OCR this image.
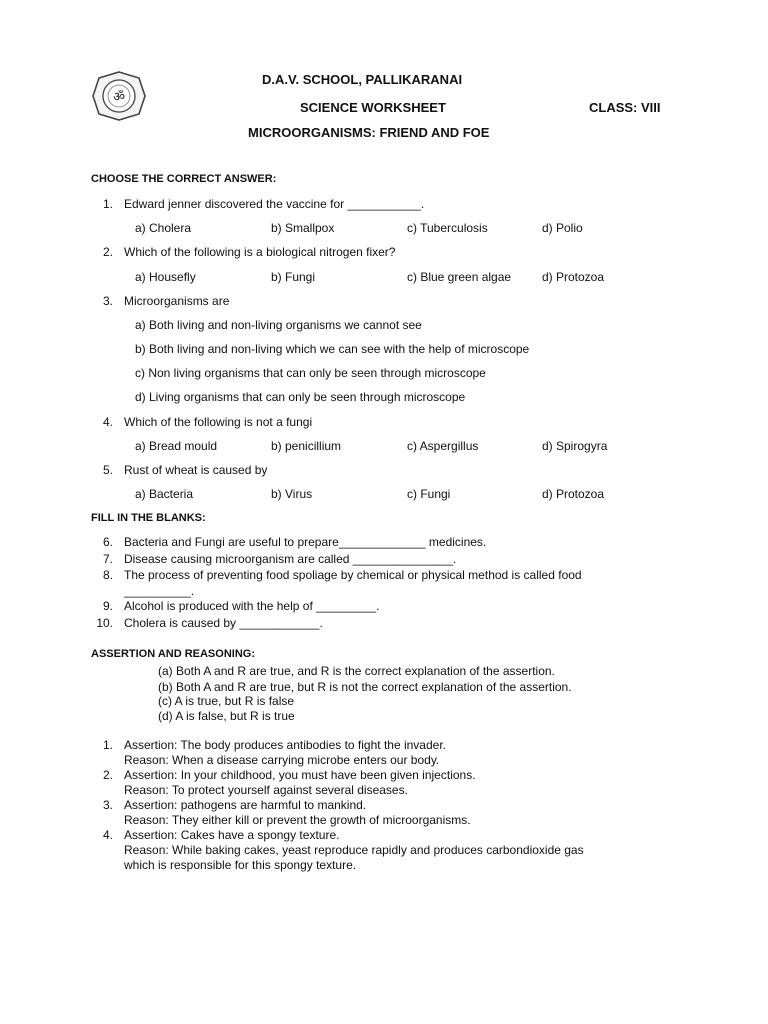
ॐ
D.A.V. SCHOOL, PALLIKARANAI
SCIENCE WORKSHEET	CLASS: VIII
MICROORGANISMS: FRIEND AND FOE
CHOOSE THE CORRECT ANSWER:
1. Edward jenner discovered the vaccine for ___________.
a) Cholera	b) Smallpox	c) Tuberculosis	d) Polio
2. Which of the following is a biological nitrogen fixer?
a) Housefly	b) Fungi	c) Blue green algae	d) Protozoa
3. Microorganisms are
a) Both living and non-living organisms we cannot see
b) Both living and non-living which we can see with the help of microscope
c) Non living organisms that can only be seen through microscope
d) Living organisms that can only be seen through microscope
4. Which of the following is not a fungi
a) Bread mould	b) penicillium	c) Aspergillus	d) Spirogyra
5. Rust of wheat is caused by
a) Bacteria	b) Virus	c) Fungi	d) Protozoa
FILL IN THE BLANKS:
6. Bacteria and Fungi are useful to prepare_____________ medicines.
7. Disease causing microorganism are called _______________.
8. The process of preventing food spoliage by chemical or physical method is called food
__________.
9. Alcohol is produced with the help of _________.
10. Cholera is caused by ____________.
ASSERTION AND REASONING:
(a) Both A and R are true, and R is the correct explanation of the assertion.
(b) Both A and R are true, but R is not the correct explanation of the assertion.
(c) A is true, but R is false
(d) A is false, but R is true
1. Assertion: The body produces antibodies to fight the invader.
Reason: When a disease carrying microbe enters our body.
2. Assertion: In your childhood, you must have been given injections.
Reason: To protect yourself against several diseases.
3. Assertion: pathogens are harmful to mankind.
Reason: They either kill or prevent the growth of microorganisms.
4. Assertion: Cakes have a spongy texture.
Reason: While baking cakes, yeast reproduce rapidly and produces carbondioxide gas
which is responsible for this spongy texture.
